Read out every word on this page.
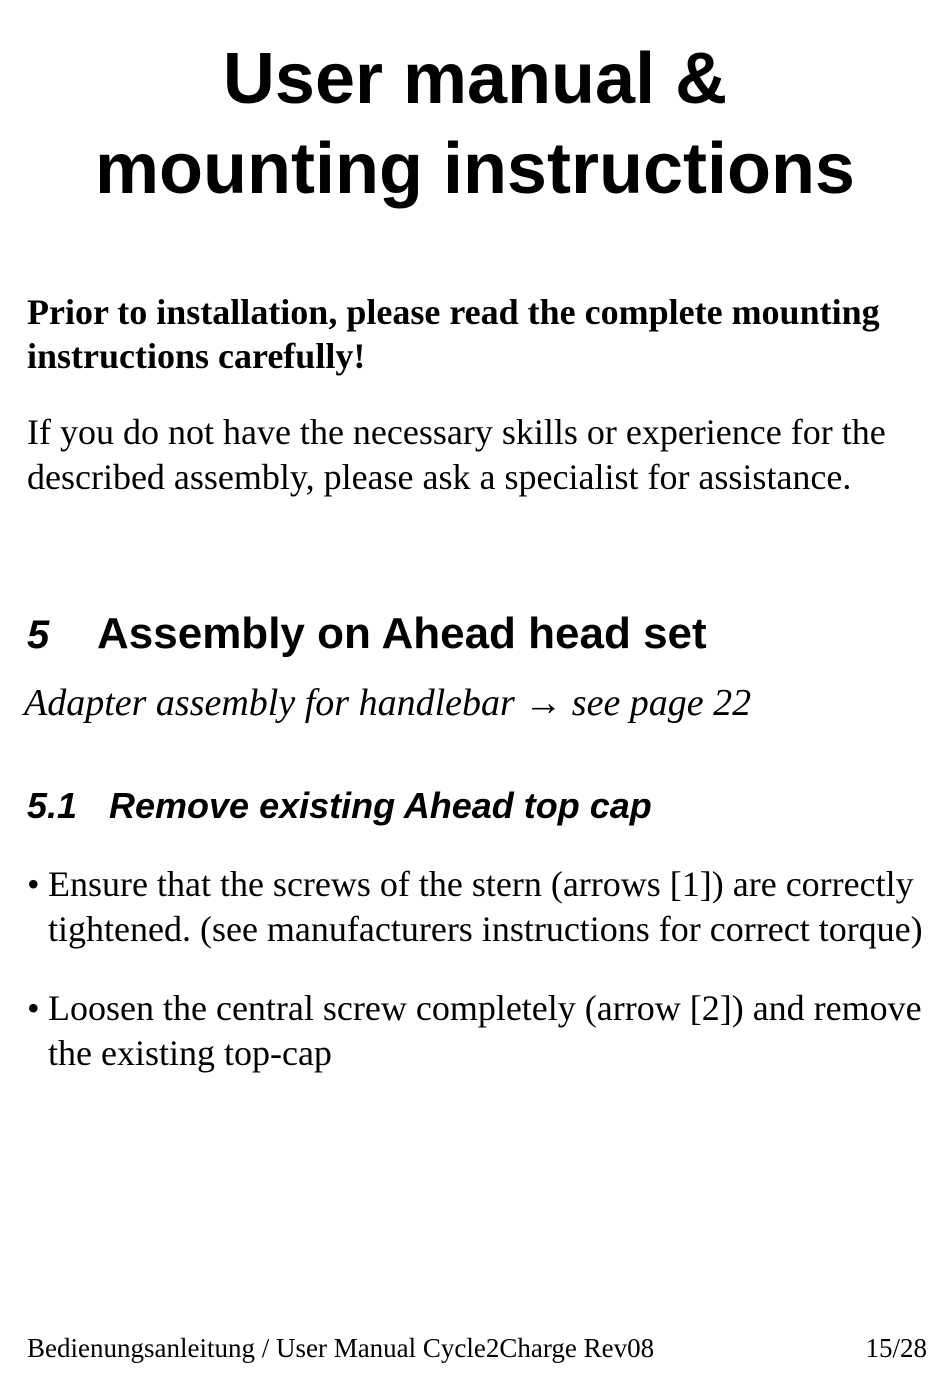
User manual &
mounting instructions

Prior to installation, please read the complete mounting instructions carefully!

If you do not have the necessary skills or experience for the described assembly, please ask a specialist for assistance.

5 Assembly on Ahead head set

Adapter assembly for handlebar → see page 22

5.1 Remove existing Ahead top cap
• Ensure that the screws of the stern (arrows [1]) are correctly tightened. (see manufacturers instructions for correct torque)
• Loosen the central screw completely (arrow [2]) and remove the existing top-cap
Bedienungsanleitung / User Manual Cycle2Charge Rev08	15/28
